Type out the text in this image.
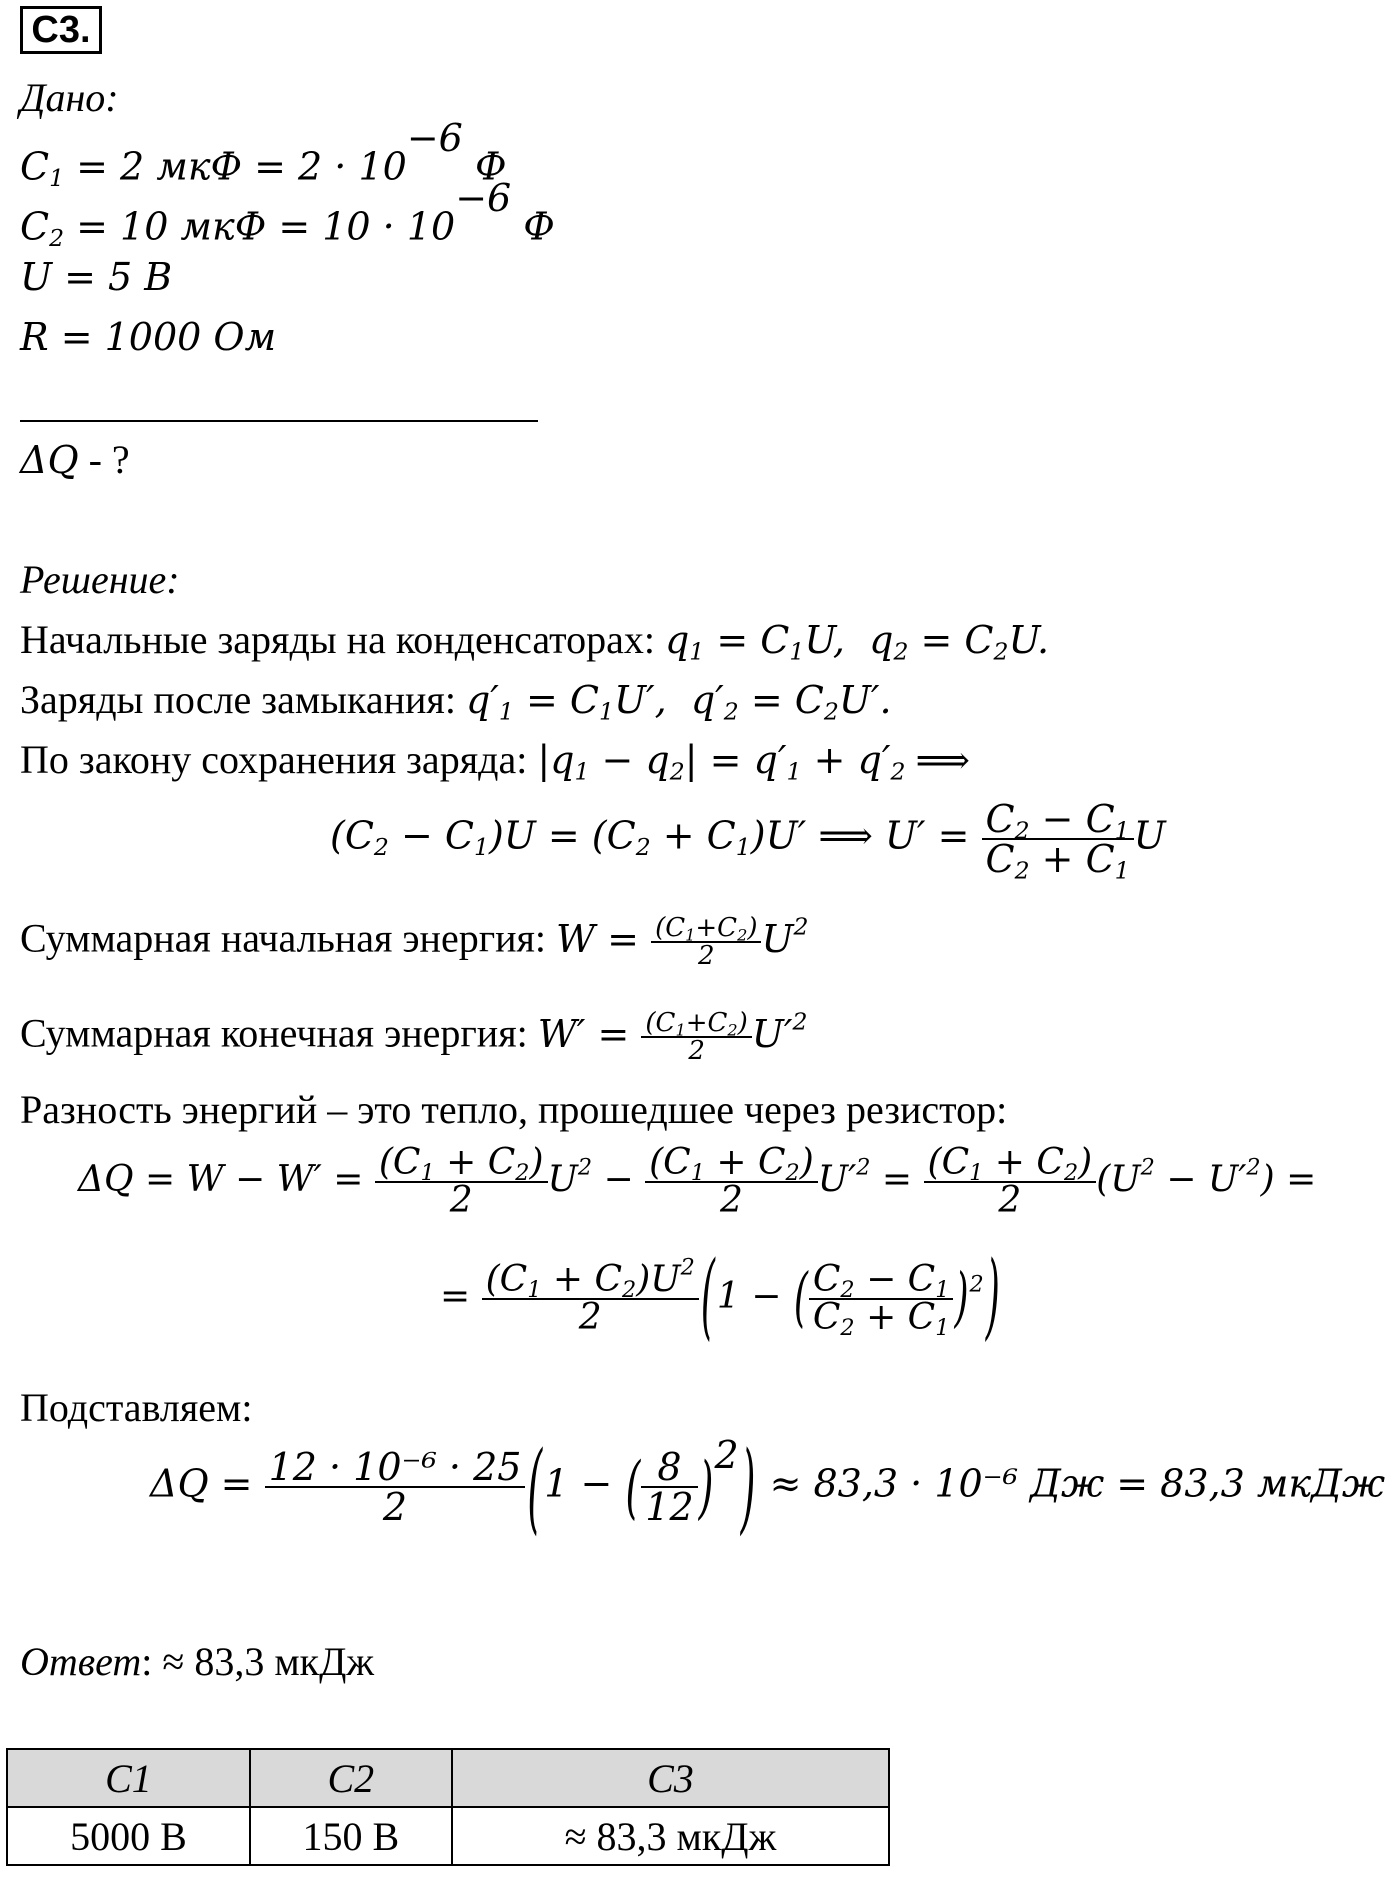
С3.
Дано:
$C_1 = 2$ мкФ = $2 \cdot 10^{-6}$ Ф
$C_2 = 10$ мкФ = $10 \cdot 10^{-6}$ Ф
U = 5 В
R = 1000 Ом
ΔQ - ?
Решение:
Начальные заряды на конденсаторах: $q_1 = C_1U$,  $q_2 = C_2U$.
Заряды после замыкания: $q'_1 = C_1U'$,  $q'_2 = C_2U'$.
По закону сохранения заряда: $|q_1 - q_2| = q'_1 + q'_2$ ⟹
$(C_2 - C_1)U = (C_2 + C_1)U'$ ⟹ $U' = \frac{C_2 - C_1}{C_2 + C_1}$ U
Суммарная начальная энергия: $W = \frac{(C_1+C_2)}{2} U^2$
Суммарная конечная энергия: $W' = \frac{(C_1+C_2)}{2} U'^2$
Разность энергий – это тепло, прошедшее через резистор:
$\Delta Q = W - W' = \frac{(C_1 + C_2)}{2} U^2 - \frac{(C_1 + C_2)}{2} U'^2 = \frac{(C_1 + C_2)}{2} (U^2 - U'^2)$ =
= $\frac{(C_1 + C_2)U^2}{2} (1$ − ( $\frac{C_2 - C_1}{C_2 + C_1} )^2$)
Подставляем:
$\Delta Q = \frac{\text{12 · 10⁻⁶ · 25}}{2} (1$ − ( $\frac{8}{12} )^2) \approx 83,3 \cdot 10^{-6}$ Дж = 83,3 мкДж
Ответ: ≈ 83,3 мкДж
C1	C2	C3
5000 В	150 В	≈ 83,3 мкДж
